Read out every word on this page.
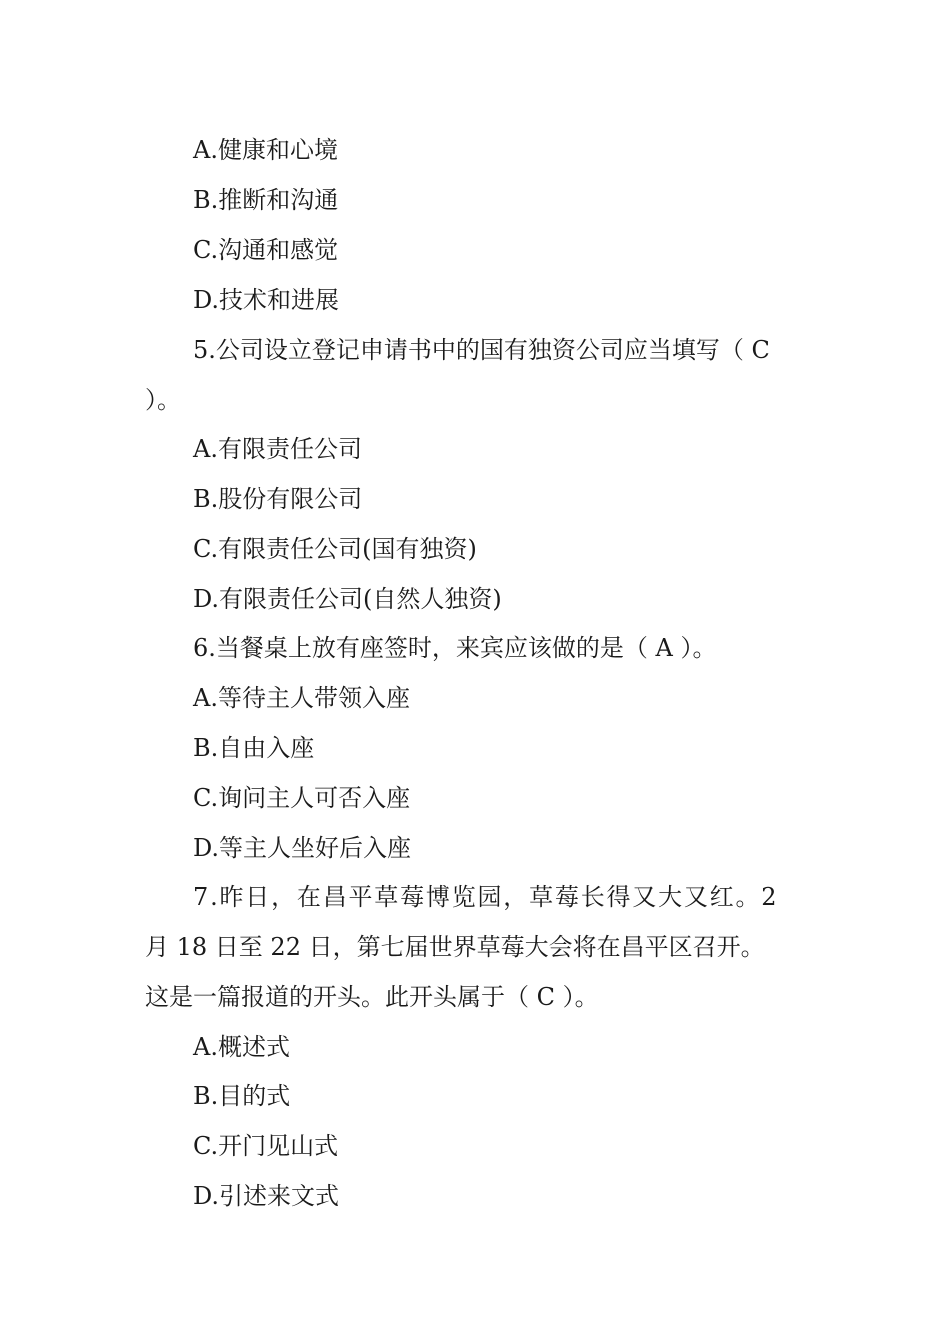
A.健康和心境
B.推断和沟通
C.沟通和感觉
D.技术和进展
5.公司设立登记申请书中的国有独资公司应当填写（ C
）。
A.有限责任公司
B.股份有限公司
C.有限责任公司(国有独资)
D.有限责任公司(自然人独资)
6.当餐桌上放有座签时，来宾应该做的是（ A ）。
A.等待主人带领入座
B.自由入座
C.询问主人可否入座
D.等主人坐好后入座
7.昨日，在昌平草莓博览园，草莓长得又大又红。2
月 18 日至 22 日，第七届世界草莓大会将在昌平区召开。
这是一篇报道的开头。此开头属于（ C ）。
A.概述式
B.目的式
C.开门见山式
D.引述来文式
